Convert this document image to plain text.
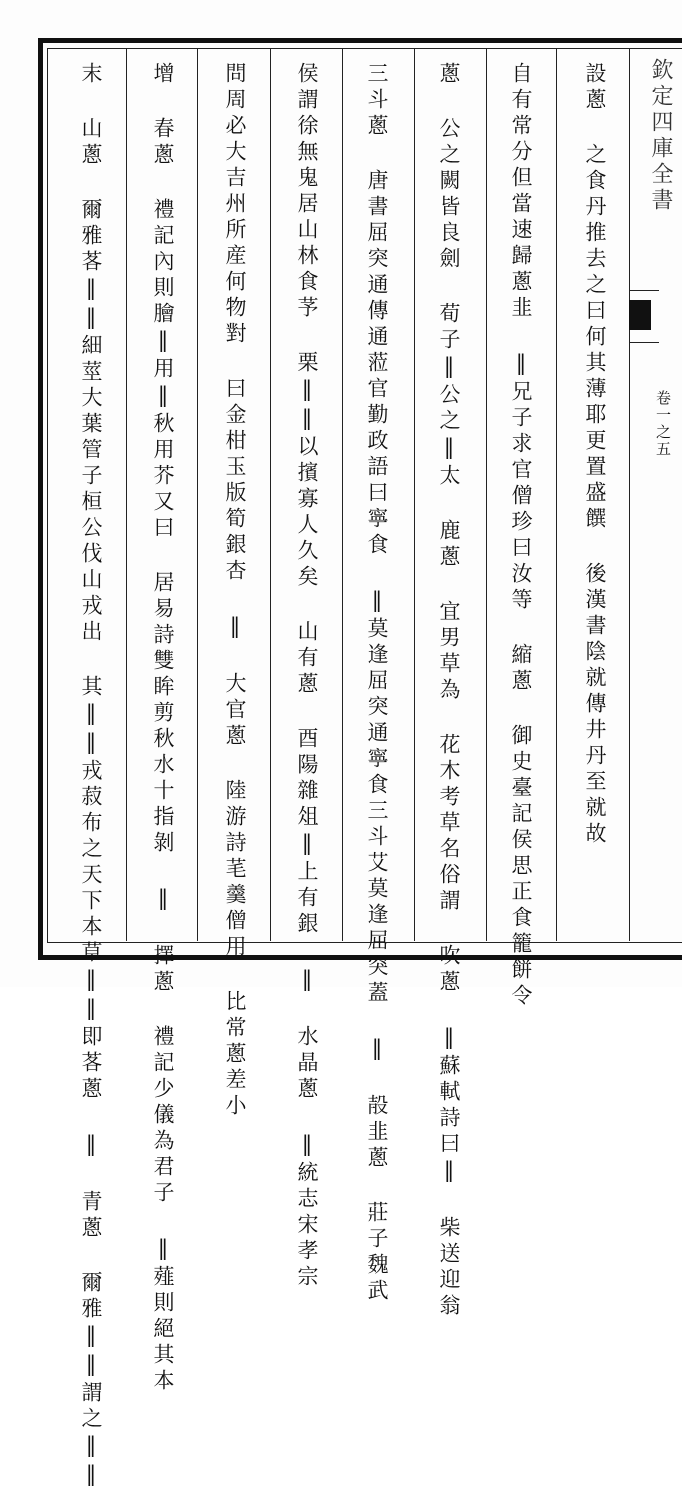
欽定四庫全書
卷一之五
設蔥 之食丹推去之曰何其薄耶更置盛饌 後漢書陰就傳井丹至就故
自有常分但當速歸蔥韭 ‖兄子求官僧珍曰汝等 縮蔥 御史臺記侯思正食籠餅令
蔥 公之闕皆良劍 荀子‖公之‖太 鹿蔥 宜男草為 花木考草名俗謂 吹蔥 ‖蘇軾詩曰‖ 柴送迎翁
三斗蔥 唐書屈突通傳通蒞官勤政語曰寧食 ‖莫逢屈突通寧食三斗艾莫逢屈突蓋 ‖ 㱿韭蔥 莊子魏武
侯謂徐無鬼居山林食芧 栗‖‖以擯寡人久矣 山有蔥 酉陽雜俎‖上有銀 ‖ 水晶蔥 ‖統志宋孝宗
問周必大吉州所産何物對 曰金柑玉版筍銀杏 ‖ 大官蔥 陸游詩芼羹僧用 比常蔥差小
增 春蔥 禮記內則膾‖用‖秋用芥又曰 居易詩雙眸剪秋水十指剝 ‖ 擇蔥 禮記少儀為君子 ‖薤則絕其本
末 山蔥 爾雅茖‖‖細莖大葉管子桓公伐山戎出 其‖‖戎菽布之天下本草‖‖即茖蔥 ‖ 青蔥 爾雅‖‖謂之‖‖
